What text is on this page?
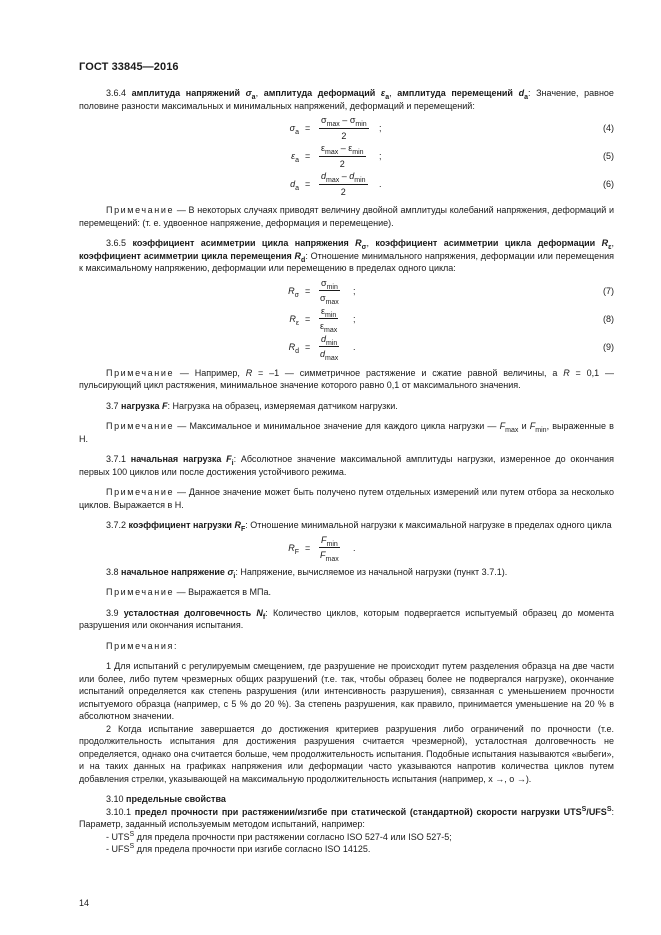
ГОСТ 33845—2016

3.6.4 амплитуда напряжений $\sigma_a$, амплитуда деформаций $\varepsilon_a$, амплитуда перемещений $d_a$: Значение, равное половине разности максимальных и минимальных напряжений, деформаций и перемещений:

$\sigma_a$ =
$\sigma_{max} - \sigma_{min}$
2
;	(4)
$\varepsilon_a$ =
$\varepsilon_{max} - \varepsilon_{min}$
2
;	(5)
$d_a$ =
$d_{max} - d_{min}$
2
.	(6)

Примечание — В некоторых случаях приводят величину двойной амплитуды колебаний напряжения, деформаций и перемещений: (т. е. удвоенное напряжение, деформация и перемещение).

3.6.5 коэффициент асимметрии цикла напряжения $R_\sigma$, коэффициент асимметрии цикла деформации $R_\varepsilon$, коэффициент асимметрии цикла перемещения $R_d$: Отношение минимального напряжения, деформации или перемещения к максимальному напряжению, деформации или перемещению в пределах одного цикла:

$R_\sigma$ =
$\sigma_{min}$
$\sigma_{max}$
;	(7)
$R_\varepsilon$ =
$\varepsilon_{min}$
$\varepsilon_{max}$
;	(8)
$R_d$ =
$d_{min}$
$d_{max}$
.	(9)

Примечание — Например, R = –1 — симметричное растяжение и сжатие равной величины, а R = 0,1 — пульсирующий цикл растяжения, минимальное значение которого равно 0,1 от максимального значения.

3.7 нагрузка F: Нагрузка на образец, измеряемая датчиком нагрузки.

Примечание — Максимальное и минимальное значение для каждого цикла нагрузки — $F_{max}$ и $F_{min}$, выраженные в Н.

3.7.1 начальная нагрузка $F_i$: Абсолютное значение максимальной амплитуды нагрузки, измеренное до окончания первых 100 циклов или после достижения устойчивого режима.

Примечание — Данное значение может быть получено путем отдельных измерений или путем отбора за несколько циклов. Выражается в Н.

3.7.2 коэффициент нагрузки $R_F$: Отношение минимальной нагрузки к максимальной нагрузке в пределах одного цикла

$R_F$ =
$F_{min}$
$F_{max}$
.

3.8 начальное напряжение $\sigma_i$: Напряжение, вычисляемое из начальной нагрузки (пункт 3.7.1).

Примечание — Выражается в МПа.

3.9 усталостная долговечность $N_f$: Количество циклов, которым подвергается испытуемый образец до момента разрушения или окончания испытания.

Примечания:

1 Для испытаний с регулируемым смещением, где разрушение не происходит путем разделения образца на две части или более, либо путем чрезмерных общих разрушений (т.е. так, чтобы образец более не подвергался нагрузке), окончание испытаний определяется как степень разрушения (или интенсивность разрушения), связанная с уменьшением прочности испытуемого образца (например, с 5 % до 20 %). За степень разрушения, как правило, принимается уменьшение на 20 % в абсолютном значении.

2 Когда испытание завершается до достижения критериев разрушения либо ограничений по прочности (т.е. продолжительность испытания для достижения разрушения считается чрезмерной), усталостная долговечность не определяется, однако она считается больше, чем продолжительность испытания. Подобные испытания называются «выбеги», и на таких данных на графиках напряжения или деформации часто указываются напротив количества циклов путем добавления стрелки, указывающей на максимальную продолжительность испытания (например, x →, o →).

3.10 предельные свойства

3.10.1 предел прочности при растяжении/изгибе при статической (стандартной) скорости нагрузки $UTS^S/UFS^S$: Параметр, заданный используемым методом испытаний, например:

- $UTS^S$ для предела прочности при растяжении согласно ISO 527-4 или ISO 527-5;

- $UFS^S$ для предела прочности при изгибе согласно ISO 14125.

14
